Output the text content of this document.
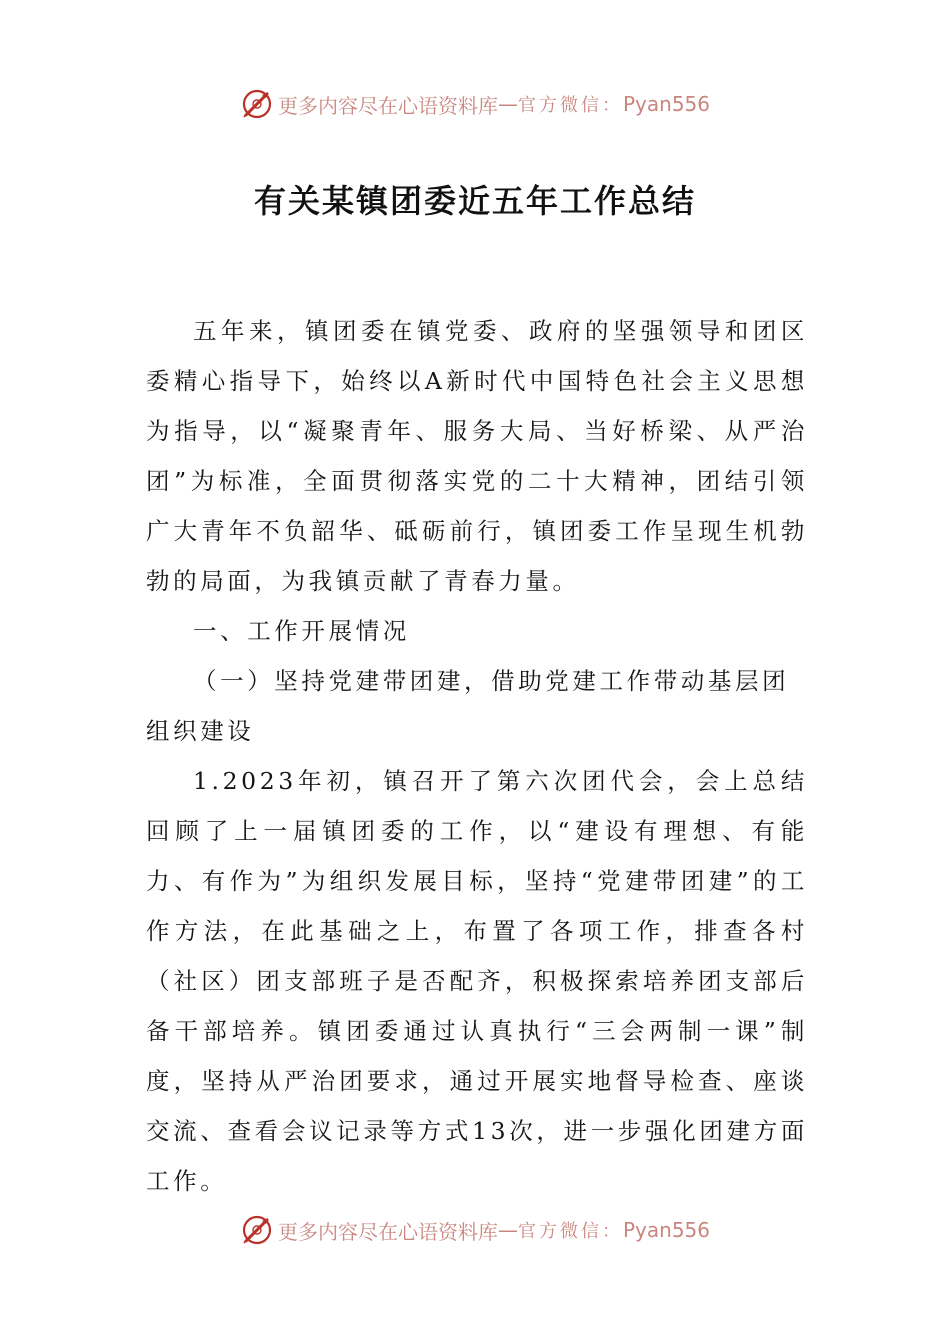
更多内容尽在心语资料库 — 官方微信： Pyan556
有关某镇团委近五年工作总结

五年来，镇团委在镇党委、政府的坚强领导和团区委精心指导下，始终以A新时代中国特色社会主义思想为指导，以“凝聚青年、服务大局、当好桥梁、从严治团”为标准，全面贯彻落实党的二十大精神，团结引领广大青年不负韶华、砥砺前行，镇团委工作呈现生机勃勃的局面，为我镇贡献了青春力量。

一、工作开展情况

（一）坚持党建带团建，借助党建工作带动基层团组织建设

1.2023年初，镇召开了第六次团代会，会上总结回顾了上一届镇团委的工作，以“建设有理想、有能力、有作为”为组织发展目标，坚持“党建带团建”的工作方法，在此基础之上，布置了各项工作，排查各村（社区）团支部班子是否配齐，积极探索培养团支部后备干部培养。镇团委通过认真执行“三会两制一课”制度，坚持从严治团要求，通过开展实地督导检查、座谈交流、查看会议记录等方式13次，进一步强化团建方面工作。

更多内容尽在心语资料库 — 官方微信： Pyan556
